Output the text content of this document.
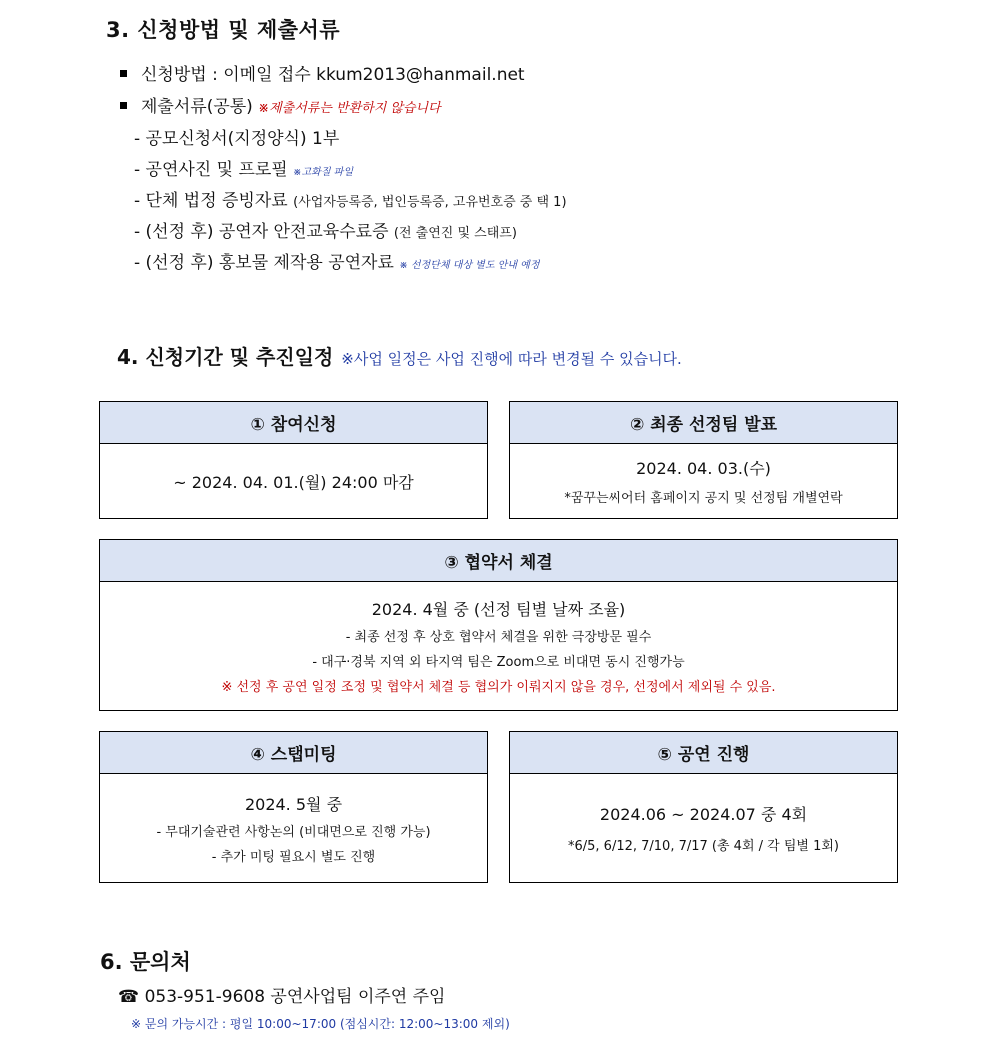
3. 신청방법 및 제출서류
신청방법 : 이메일 접수 kkum2013@hanmail.net
제출서류(공통) ※제출서류는 반환하지 않습니다
- 공모신청서(지정양식) 1부
- 공연사진 및 프로필 ※고화질 파일
- 단체 법정 증빙자료 (사업자등록증, 법인등록증, 고유번호증 중 택 1)
- (선정 후) 공연자 안전교육수료증 (전 출연진 및 스태프)
- (선정 후) 홍보물 제작용 공연자료 ※ 선정단체 대상 별도 안내 예정
4. 신청기간 및 추진일정 ※사업 일정은 사업 진행에 따라 변경될 수 있습니다.
① 참여신청
~ 2024. 04. 01.(월) 24:00 마감
② 최종 선정팀 발표
2024. 04. 03.(수)
*꿈꾸는씨어터 홈페이지 공지 및 선정팀 개별연락
③ 협약서 체결
2024. 4월 중 (선정 팀별 날짜 조율)
- 최종 선정 후 상호 협약서 체결을 위한 극장방문 필수
- 대구·경북 지역 외 타지역 팀은 Zoom으로 비대면 동시 진행가능
※ 선정 후 공연 일정 조정 및 협약서 체결 등 협의가 이뤄지지 않을 경우, 선정에서 제외될 수 있음.
④ 스탭미팅
2024. 5월 중
- 무대기술관련 사항논의 (비대면으로 진행 가능)
- 추가 미팅 필요시 별도 진행
⑤ 공연 진행
2024.06 ~ 2024.07 중 4회
*6/5, 6/12, 7/10, 7/17 (총 4회 / 각 팀별 1회)
6. 문의처
☎ 053-951-9608 공연사업팀 이주연 주임
※ 문의 가능시간 : 평일 10:00~17:00 (점심시간: 12:00~13:00 제외)
